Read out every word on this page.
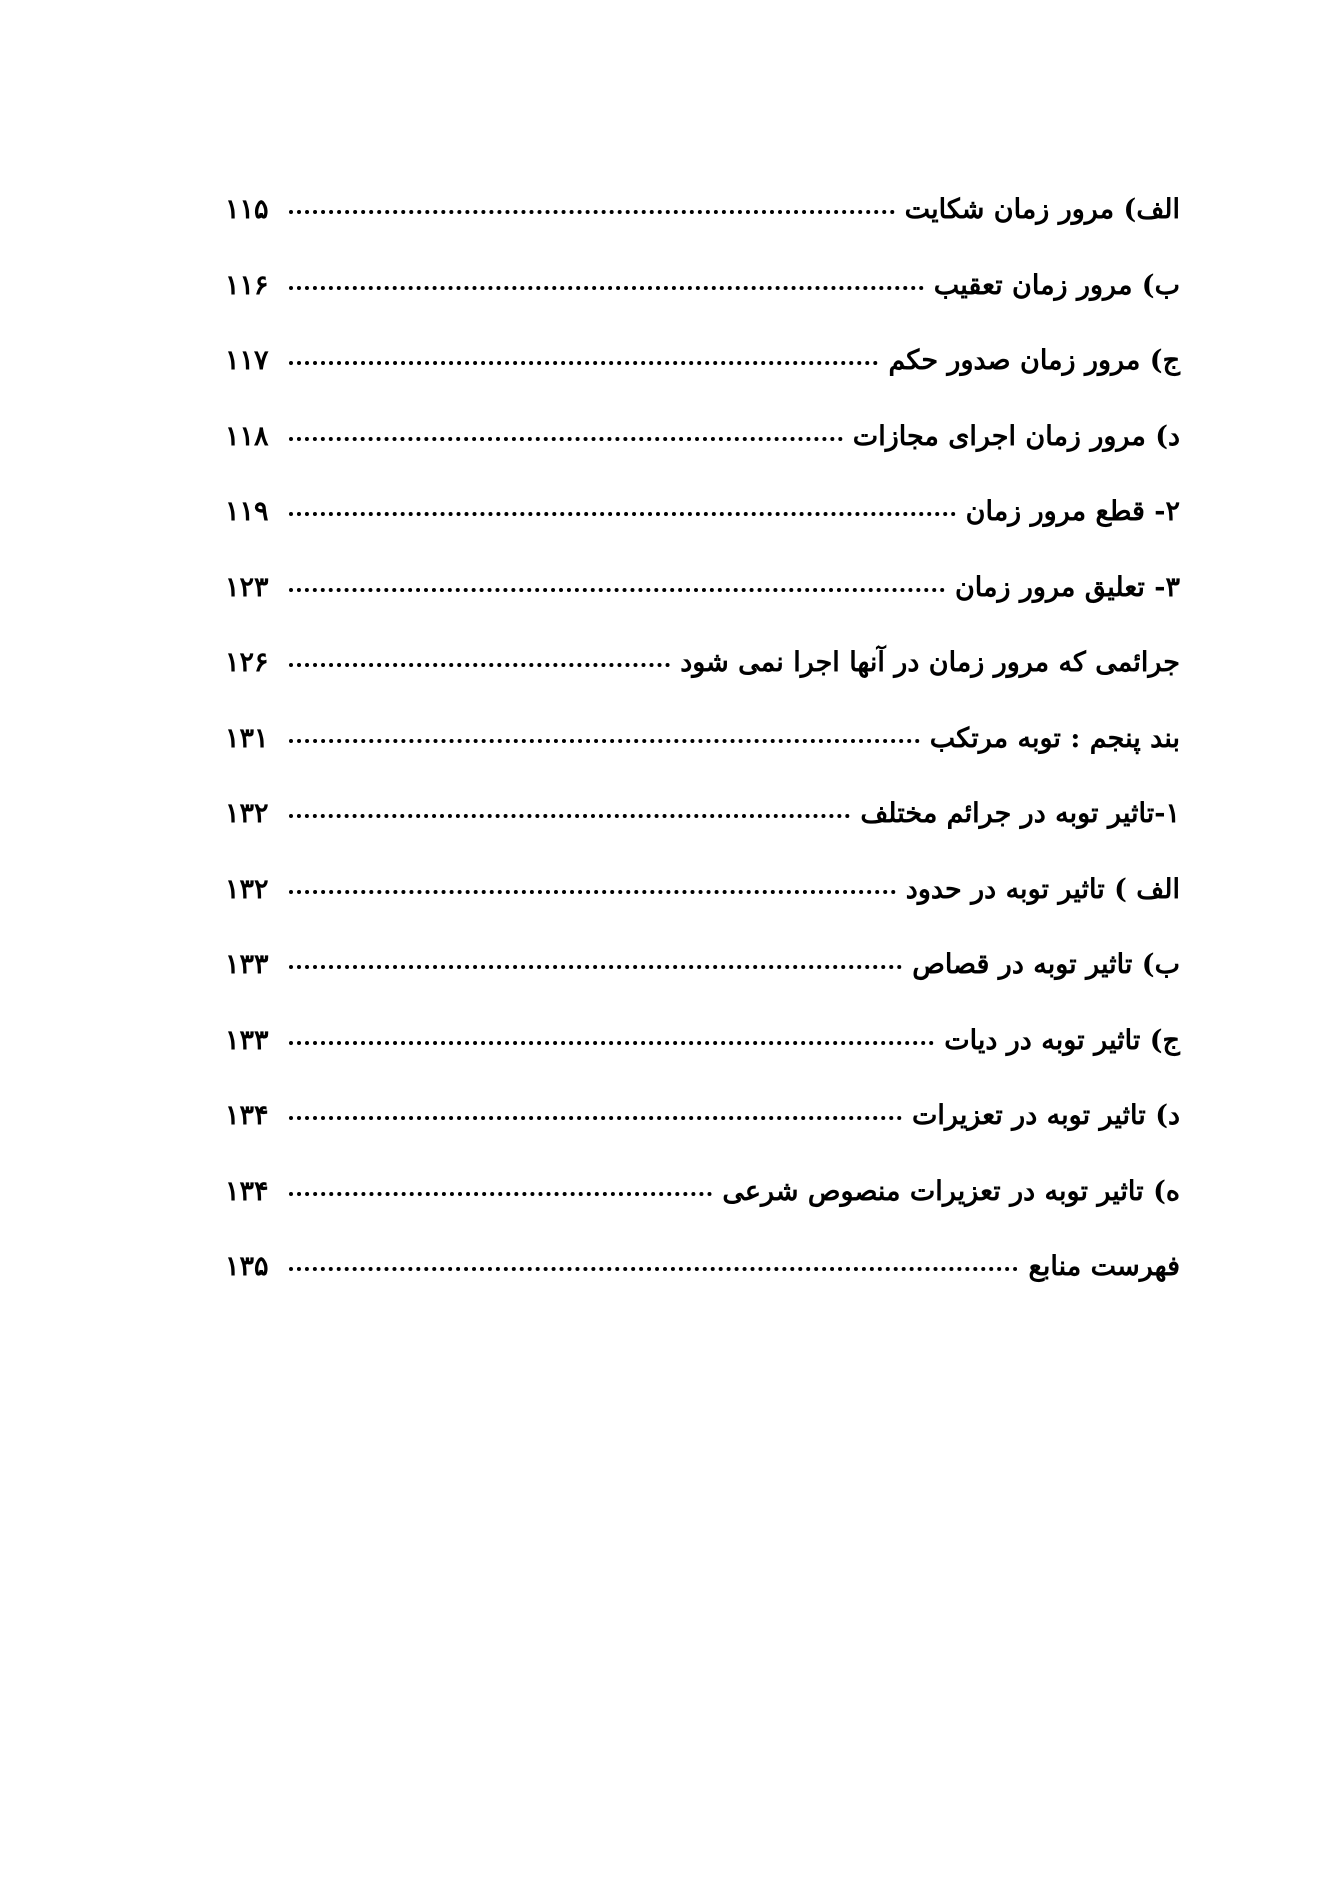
الف) مرور زمان شکایت
۱۱۵
ب) مرور زمان تعقیب
۱۱۶
ج) مرور زمان صدور حکم
۱۱۷
د) مرور زمان اجرای مجازات
۱۱۸
۲- قطع مرور زمان
۱۱۹
۳- تعلیق مرور زمان
۱۲۳
جرائمی که مرور زمان در آنها اجرا نمی شود
۱۲۶
بند پنجم : توبه مرتکب
۱۳۱
۱-تاثیر توبه در جرائم مختلف
۱۳۲
الف ) تاثیر توبه در حدود
۱۳۲
ب) تاثیر توبه در قصاص
۱۳۳
ج) تاثیر توبه در دیات
۱۳۳
د) تاثیر توبه در تعزیرات
۱۳۴
ه) تاثیر توبه در تعزیرات منصوص شرعی
۱۳۴
فهرست منابع
۱۳۵
